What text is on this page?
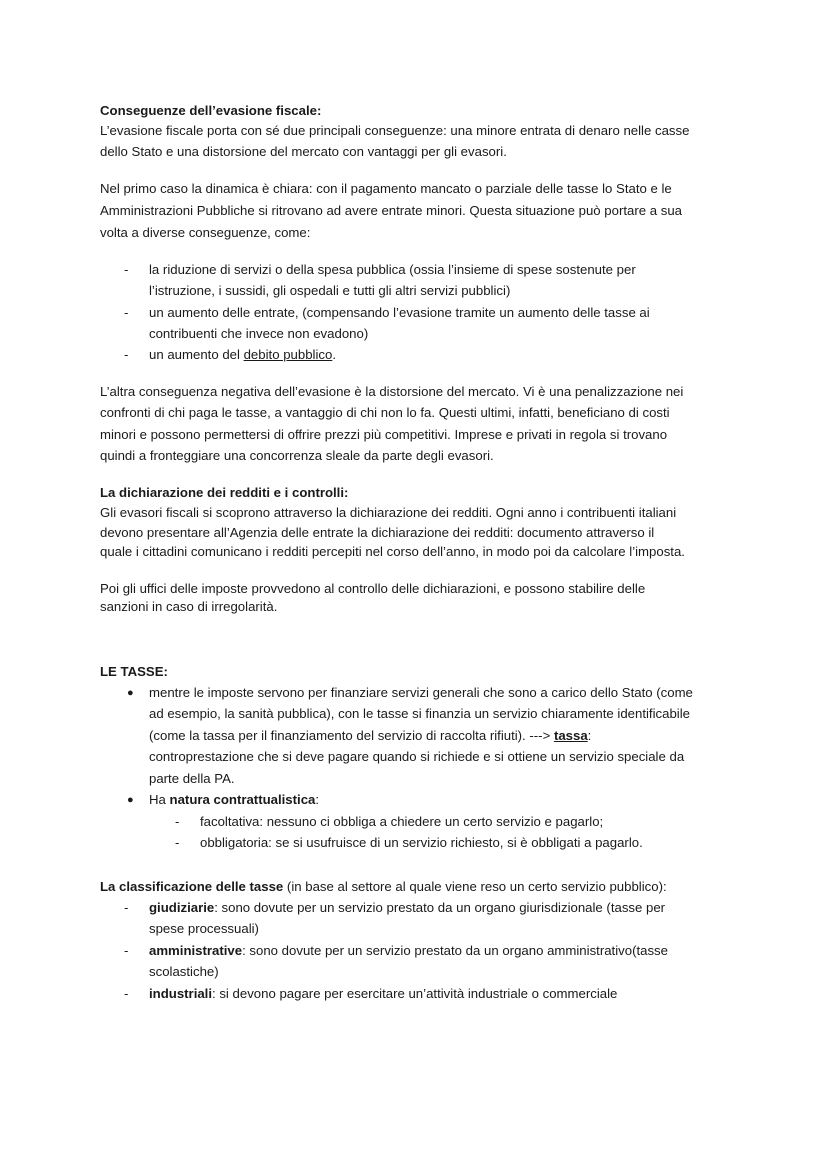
Conseguenze dell’evasione fiscale:
L’evasione fiscale porta con sé due principali conseguenze: una minore entrata di denaro nelle casse
dello Stato e una distorsione del mercato con vantaggi per gli evasori.
Nel primo caso la dinamica è chiara: con il pagamento mancato o parziale delle tasse lo Stato e le
Amministrazioni Pubbliche si ritrovano ad avere entrate minori. Questa situazione può portare a sua
volta a diverse conseguenze, come:
- la riduzione di servizi o della spesa pubblica (ossia l’insieme di spese sostenute per
l’istruzione, i sussidi, gli ospedali e tutti gli altri servizi pubblici)
- un aumento delle entrate, (compensando l’evasione tramite un aumento delle tasse ai
contribuenti che invece non evadono)
- un aumento del debito pubblico.
L’altra conseguenza negativa dell’evasione è la distorsione del mercato. Vi è una penalizzazione nei
confronti di chi paga le tasse, a vantaggio di chi non lo fa. Questi ultimi, infatti, beneficiano di costi
minori e possono permettersi di offrire prezzi più competitivi. Imprese e privati in regola si trovano
quindi a fronteggiare una concorrenza sleale da parte degli evasori.
La dichiarazione dei redditi e i controlli:
Gli evasori fiscali si scoprono attraverso la dichiarazione dei redditi. Ogni anno i contribuenti italiani
devono presentare all’Agenzia delle entrate la dichiarazione dei redditi: documento attraverso il
quale i cittadini comunicano i redditi percepiti nel corso dell’anno, in modo poi da calcolare l’imposta.
Poi gli uffici delle imposte provvedono al controllo delle dichiarazioni, e possono stabilire delle
sanzioni in caso di irregolarità.
LE TASSE:
● mentre le imposte servono per finanziare servizi generali che sono a carico dello Stato (come
ad esempio, la sanità pubblica), con le tasse si finanzia un servizio chiaramente identificabile
(come la tassa per il finanziamento del servizio di raccolta rifiuti). ---> tassa:
controprestazione che si deve pagare quando si richiede e si ottiene un servizio speciale da
parte della PA.
● Ha natura contrattualistica:
- facoltativa: nessuno ci obbliga a chiedere un certo servizio e pagarlo;
- obbligatoria: se si usufruisce di un servizio richiesto, si è obbligati a pagarlo.
La classificazione delle tasse (in base al settore al quale viene reso un certo servizio pubblico):
- giudiziarie: sono dovute per un servizio prestato da un organo giurisdizionale (tasse per
spese processuali)
- amministrative: sono dovute per un servizio prestato da un organo amministrativo(tasse
scolastiche)
- industriali: si devono pagare per esercitare un’attività industriale o commerciale
